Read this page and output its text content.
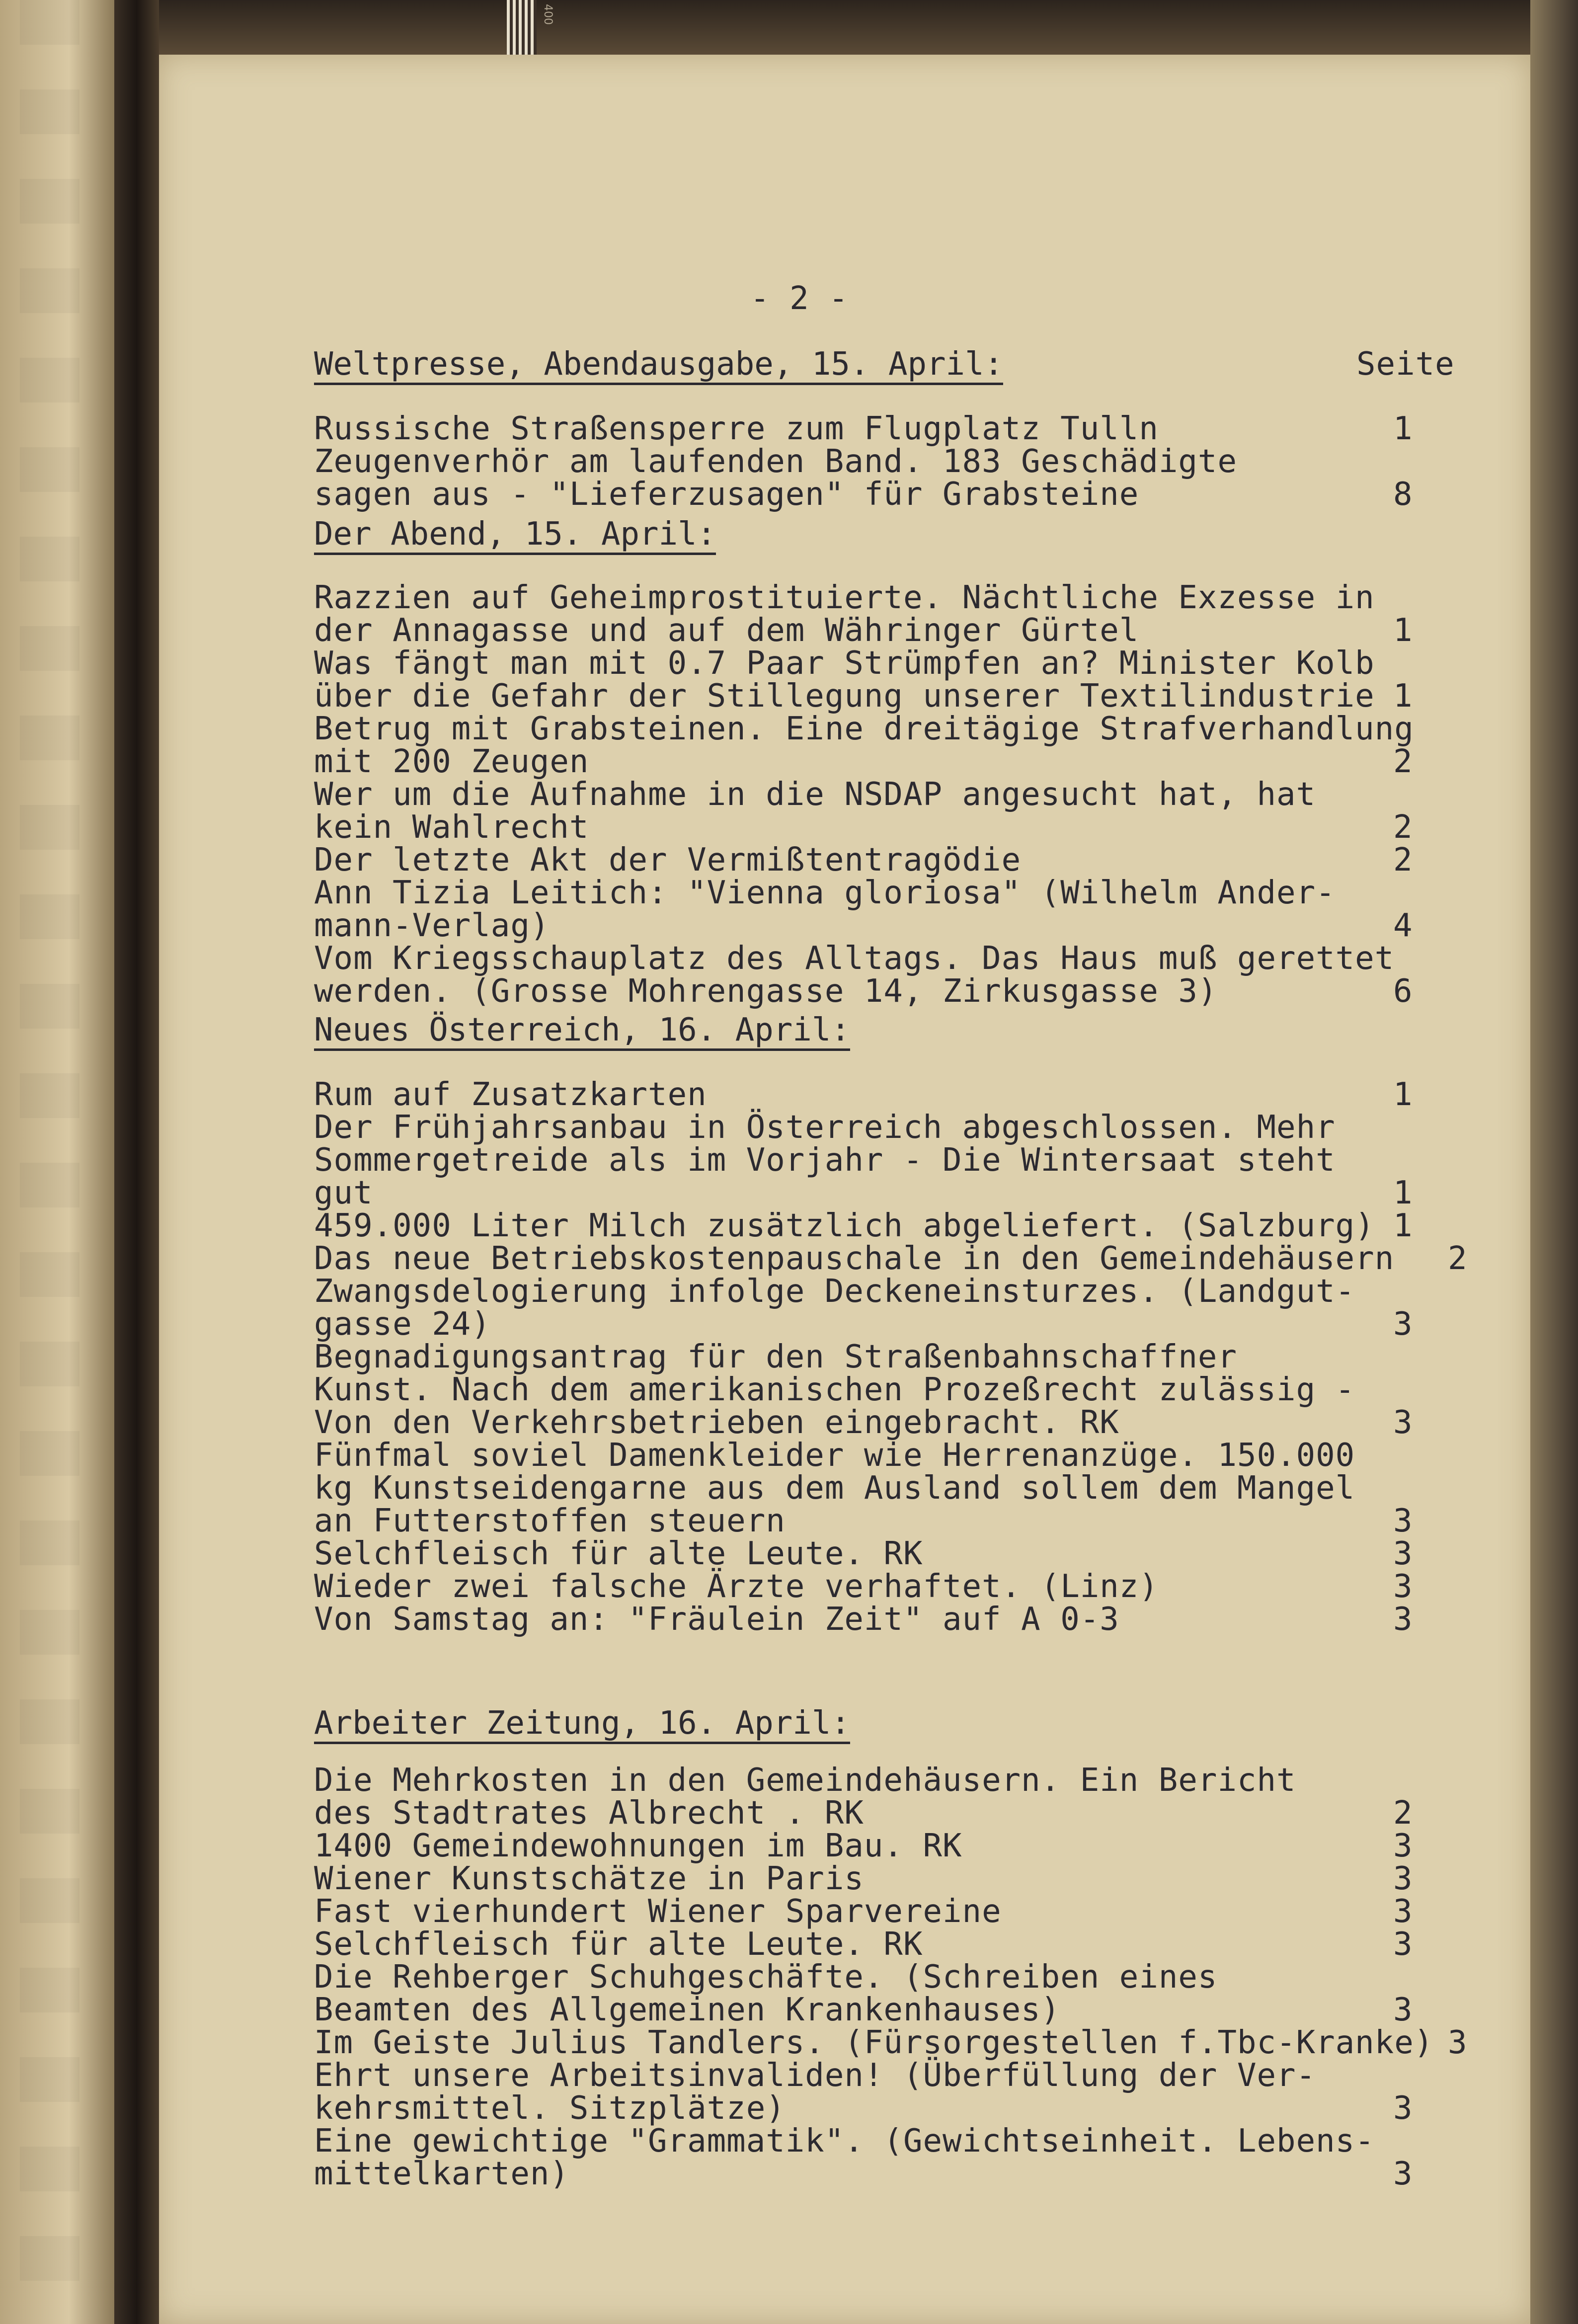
400
- 2 -
Seite
Weltpresse, Abendausgabe, 15. April:
Russische Straßensperre zum Flugplatz Tulln	1
Zeugenverhör am laufenden Band. 183 Geschädigte
sagen aus - "Lieferzusagen" für Grabsteine	8
Der Abend, 15. April:
Razzien auf Geheimprostituierte. Nächtliche Exzesse in
der Annagasse und auf dem Währinger Gürtel	1
Was fängt man mit 0.7 Paar Strümpfen an? Minister Kolb
über die Gefahr der Stillegung unserer Textilindustrie 1
Betrug mit Grabsteinen. Eine dreitägige Strafverhandlung
mit 200 Zeugen	2
Wer um die Aufnahme in die NSDAP angesucht hat, hat
kein Wahlrecht	2
Der letzte Akt der Vermißtentragödie	2
Ann Tizia Leitich: "Vienna gloriosa" (Wilhelm Ander-
mann-Verlag)	4
Vom Kriegsschauplatz des Alltags. Das Haus muß gerettet
werden. (Grosse Mohrengasse 14, Zirkusgasse 3)	6
Neues Österreich, 16. April:
Rum auf Zusatzkarten	1
Der Frühjahrsanbau in Österreich abgeschlossen. Mehr
Sommergetreide als im Vorjahr - Die Wintersaat steht
gut	1
459.000 Liter Milch zusätzlich abgeliefert. (Salzburg) 1
Das neue Betriebskostenpauschale in den Gemeindehäusern	2
Zwangsdelogierung infolge Deckeneinsturzes. (Landgut-
gasse 24)	3
Begnadigungsantrag für den Straßenbahnschaffner
Kunst. Nach dem amerikanischen Prozeßrecht zulässig -
Von den Verkehrsbetrieben eingebracht. RK	3
Fünfmal soviel Damenkleider wie Herrenanzüge. 150.000
kg Kunstseidengarne aus dem Ausland sollem dem Mangel
an Futterstoffen steuern	3
Selchfleisch für alte Leute. RK	3
Wieder zwei falsche Ärzte verhaftet. (Linz)	3
Von Samstag an: "Fräulein Zeit" auf A 0-3	3
Arbeiter Zeitung, 16. April:
Die Mehrkosten in den Gemeindehäusern. Ein Bericht
des Stadtrates Albrecht . RK	2
1400 Gemeindewohnungen im Bau. RK	3
Wiener Kunstschätze in Paris	3
Fast vierhundert Wiener Sparvereine	3
Selchfleisch für alte Leute. RK	3
Die Rehberger Schuhgeschäfte. (Schreiben eines
Beamten des Allgemeinen Krankenhauses)	3
Im Geiste Julius Tandlers. (Fürsorgestellen f.Tbc-Kranke) 3
Ehrt unsere Arbeitsinvaliden! (Überfüllung der Ver-
kehrsmittel. Sitzplätze)	3
Eine gewichtige "Grammatik". (Gewichtseinheit. Lebens-
mittelkarten)	3
